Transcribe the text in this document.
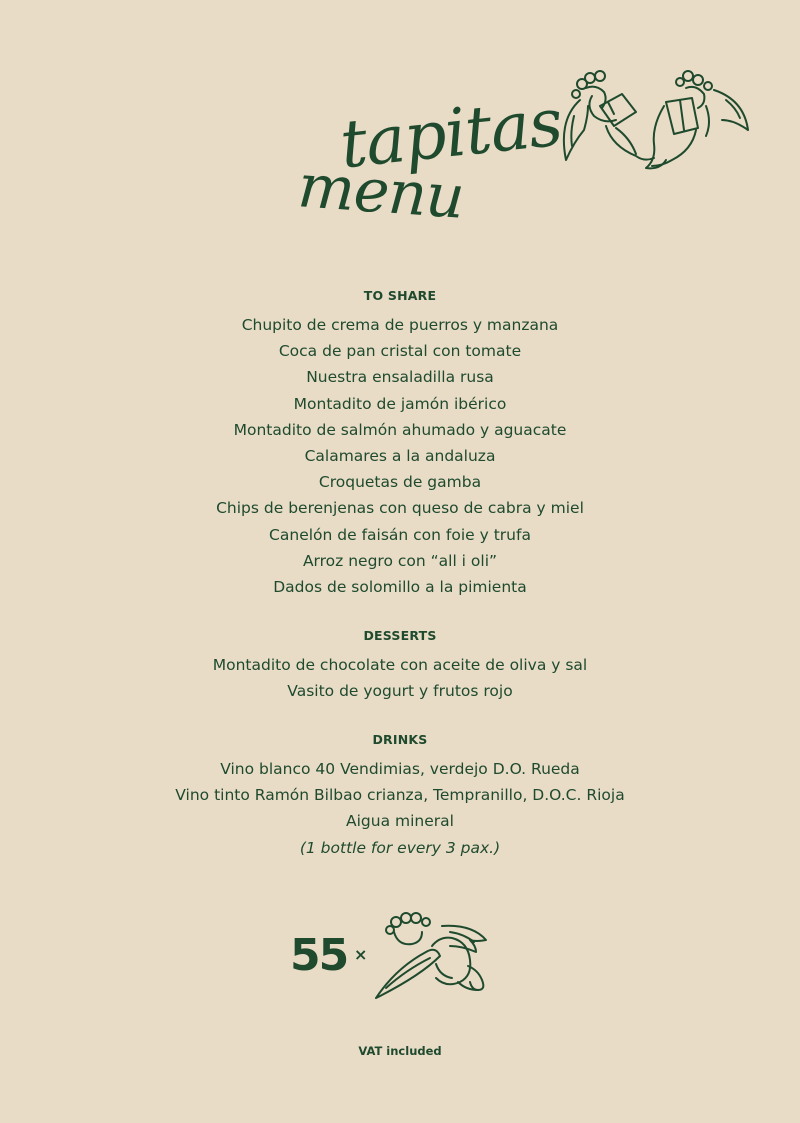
tapitas
menu
TO SHARE
Chupito de crema de puerros y manzana
Coca de pan cristal con tomate
Nuestra ensaladilla rusa
Montadito de jamón ibérico
Montadito de salmón ahumado y aguacate
Calamares a la andaluza
Croquetas de gamba
Chips de berenjenas con queso de cabra y miel
Canelón de faisán con foie y trufa
Arroz negro con “all i oli”
Dados de solomillo a la pimienta
DESSERTS
Montadito de chocolate con aceite de oliva y sal
Vasito de yogurt y frutos rojo
DRINKS
Vino blanco 40 Vendimias, verdejo D.O. Rueda
Vino tinto Ramón Bilbao crianza, Tempranillo, D.O.C. Rioja
Aigua mineral
(1 bottle for every 3 pax.)
55 ×
VAT included
